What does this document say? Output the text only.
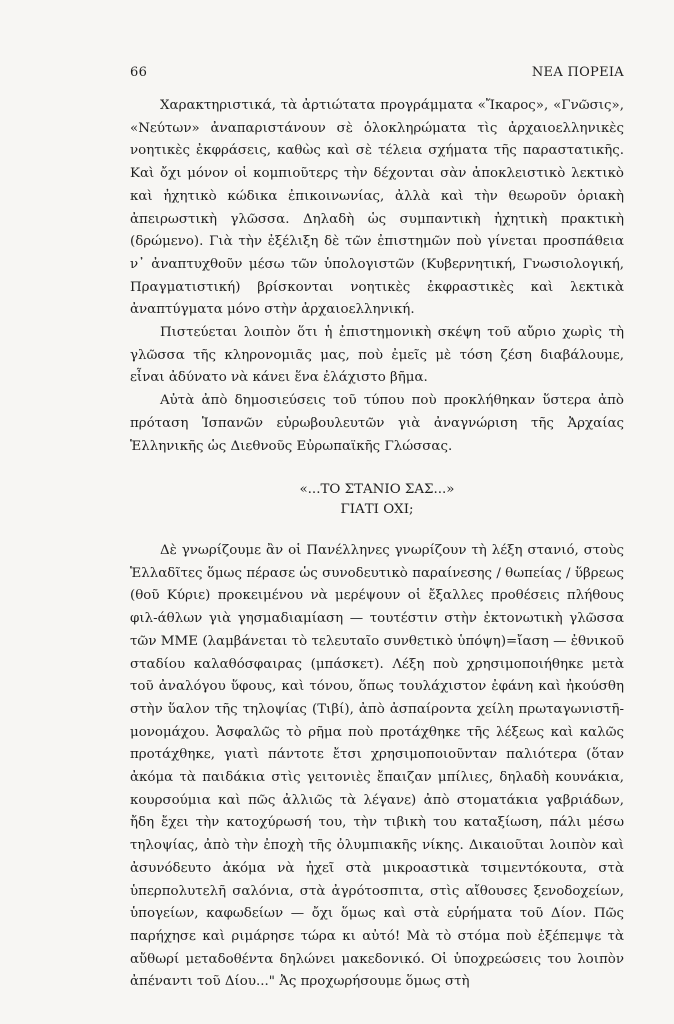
66	ΝΕΑ ΠΟΡΕΙΑ

Χαρακτηριστικά, τὰ ἀρτιώτατα πρoγράμματα «Ἴκαρος», «Γνῶσις», «Νεύτων» ἀναπαριστάνουν σὲ ὁλοκληρώματα τὶς ἀρχαιοελληνικὲς νοητικὲς ἐκφράσεις, καθὼς καὶ σὲ τέλεια σχήματα τῆς παραστατικῆς. Καὶ ὄχι μόνον οἱ κομπιοῦτερς τὴν δέχονται σὰν ἀποκλειστικὸ λεκτικὸ καὶ ἠχητικὸ κώδικα ἐπικοινωνίας, ἀλλὰ καὶ τὴν θεωροῦν ὁριακὴ ἀπειρωστικὴ γλῶσσα. Δηλαδὴ ὡς συμπαντικὴ ἠχητικὴ πρακτικὴ (δρώμενο). Γιὰ τὴν ἐξέλιξη δὲ τῶν ἐπιστημῶν ποὺ γίνεται προσπάθεια ν᾽ ἀναπτυχθοῦν μέσω τῶν ὑπολογιστῶν (Κυβερνητική, Γνωσιολογική, Πραγματιστική) βρίσκονται νοητικὲς ἐκφραστικὲς καὶ λεκτικὰ ἀναπτύγματα μόνο στὴν ἀρχαιοελληνική.

Πιστεύεται λοιπὸν ὅτι ἡ ἐπιστημονικὴ σκέψη τοῦ αὔριο χωρὶς τὴ γλῶσσα τῆς κληρονομιᾶς μας, ποὺ ἐμεῖς μὲ τόση ζέση διαβάλουμε, εἶναι ἀδύνατο νὰ κάνει ἕνα ἐλάχιστο βῆμα.

Αὐτὰ ἀπὸ δημοσιεύσεις τοῦ τύπου ποὺ προκλήθηκαν ὕστερα ἀπὸ πρόταση Ἱσπανῶν εὐρωβουλευτῶν γιὰ ἀναγνώριση τῆς Ἀρχαίας Ἑλληνικῆς ὡς Διεθνοῦς Εὐρωπαϊκῆς Γλώσσας.

«...ΤΟ ΣΤΑΝΙΟ ΣΑΣ...»
ΓΙΑΤΙ ΟΧΙ;

Δὲ γνωρίζουμε ἂν οἱ Πανέλληνες γνωρίζουν τὴ λέξη στανιό, στοὺς Ἑλλαδῖτες ὅμως πέρασε ὡς συνοδευτικὸ παραίνεσης / θωπείας / ὕβρεως (θοῦ Κύριε) προκειμένου νὰ μερέψουν οἱ ἔξαλλες προθέσεις πλήθους φιλ-άθλων γιὰ γησμαδιαμίαση — τουτέστιν στὴν ἐκτονωτικὴ γλῶσσα τῶν ΜΜΕ (λαμβάνεται τὸ τελευταῖο συνθετικὸ ὑπόψη)=ἴαση — ἐθνικοῦ σταδίου καλαθόσφαιρας (μπάσκετ). Λέξη ποὺ χρησιμοποιήθηκε μετὰ τοῦ ἀναλόγου ὕφους, καὶ τόνου, ὅπως τουλάχιστον ἐφάνη καὶ ἠκούσθη στὴν ὕαλον τῆς τηλοψίας (Τιβί), ἀπὸ ἀσπαίροντα χείλη πρωταγωνιστῆ-μονομάχου. Ἀσφαλῶς τὸ ρῆμα ποὺ προτάχθηκε τῆς λέξεως καὶ καλῶς προτάχθηκε, γιατὶ πάντοτε ἔτσι χρησιμοποιοῦνταν παλιότερα (ὅταν ἀκόμα τὰ παιδάκια στὶς γειτονιὲς ἔπαιζαν μπίλιες, δηλαδὴ κουνάκια, κουρσούμια καὶ πῶς ἀλλιῶς τὰ λέγανε) ἀπὸ στοματάκια γαβριάδων, ἤδη ἔχει τὴν κατοχύρωσή του, τὴν τιβικὴ του καταξίωση, πάλι μέσω τηλοψίας, ἀπὸ τὴν ἐποχὴ τῆς ὀλυμπιακῆς νίκης. Δικαιοῦται λοιπὸν καὶ ἀσυνόδευτο ἀκόμα νὰ ἠχεῖ στὰ μικροαστικὰ τσιμεντόκουτα, στὰ ὑπερπολυτελῆ σαλόνια, στὰ ἀγρότοσπιτα, στὶς αἴθουσες ξενοδοχείων, ὑπογείων, καφωδείων — ὄχι ὅμως καὶ στὰ εὑρήματα τοῦ Δίον. Πῶς παρήχησε καὶ ριμάρησε τώρα κι αὐτό! Μὰ τὸ στόμα ποὺ ἐξέπεμψε τὰ αὔθωρί μεταδοθέντα δηλώνει μακεδονικό. Οἱ ὑποχρεώσεις του λοιπὸν ἀπέναντι τοῦ Δίου..." Ἀς προχωρήσουμε ὅμως στὴ
